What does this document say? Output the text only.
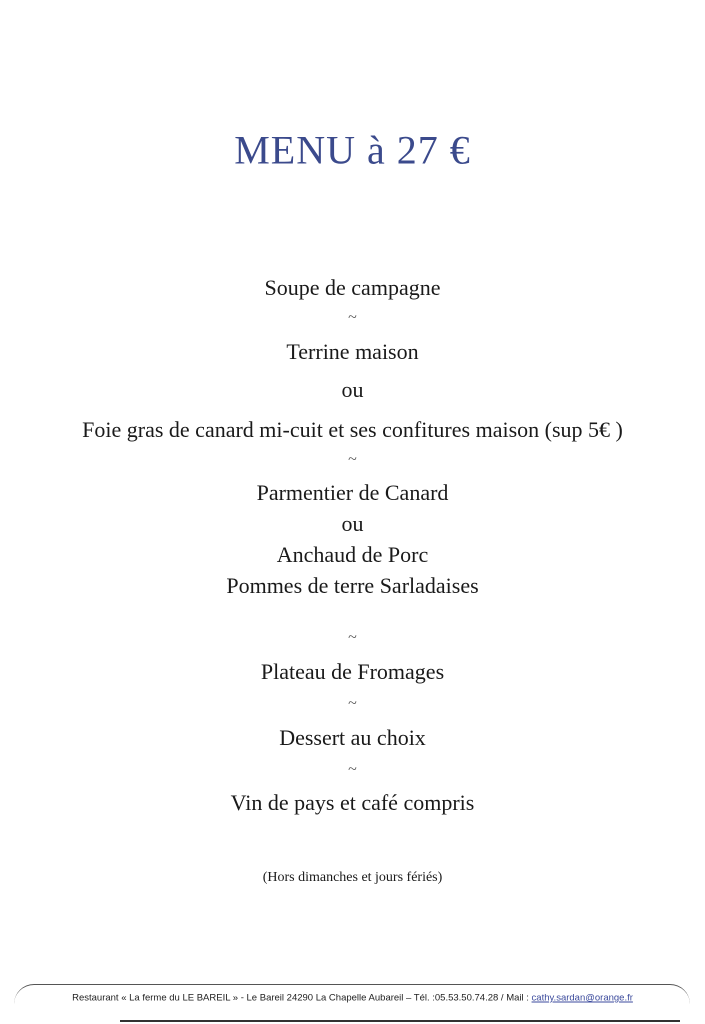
MENU à 27 €
Soupe de campagne
~
Terrine maison
ou
Foie gras de canard mi-cuit et ses confitures maison (sup 5€ )
~
Parmentier de Canard
ou
Anchaud de Porc
Pommes de terre Sarladaises
~
Plateau de Fromages
~
Dessert au choix
~
Vin de pays et café compris
(Hors dimanches et jours fériés)
Restaurant « La ferme du LE BAREIL » - Le Bareil 24290 La Chapelle Aubareil – Tél. :05.53.50.74.28 / Mail : cathy.sardan@orange.fr
